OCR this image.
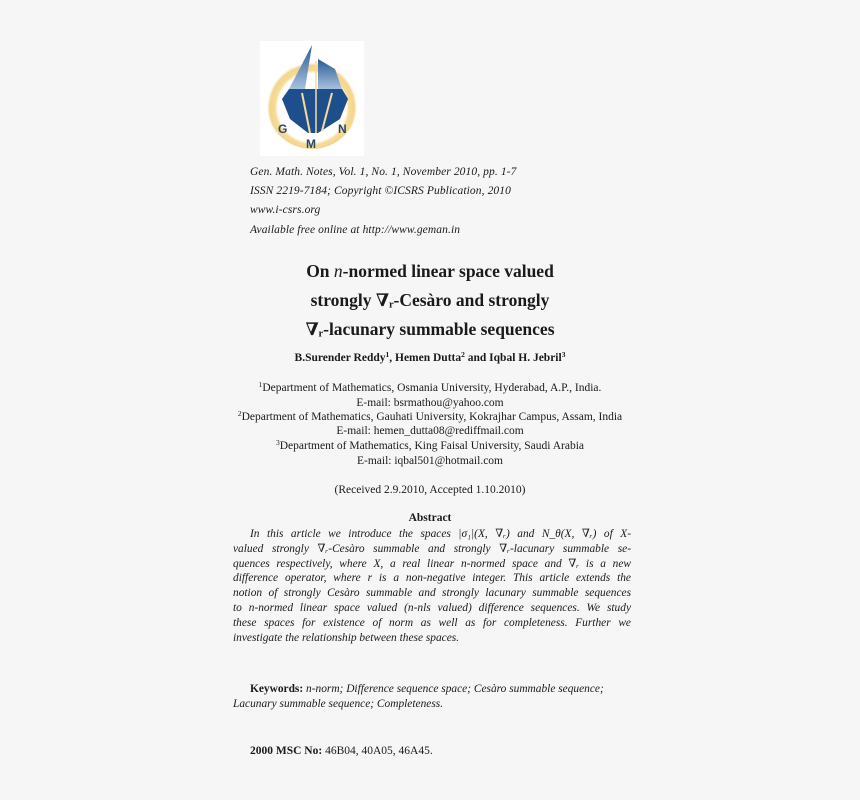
G
M
N
Gen. Math. Notes, Vol. 1, No. 1, November 2010, pp. 1-7
ISSN 2219-7184; Copyright ©ICSRS Publication, 2010
www.i-csrs.org
Available free online at http://www.geman.in
On n-normed linear space valued
strongly ∇ᵣ-Cesàro and strongly
∇ᵣ-lacunary summable sequences
B.Surender Reddy$^1$, Hemen Dutta$^2$ and Iqbal H. Jebril$^3$
$^1$Department of Mathematics, Osmania University, Hyderabad, A.P., India.
E-mail: bsrmathou@yahoo.com
$^2$Department of Mathematics, Gauhati University, Kokrajhar Campus, Assam, India
E-mail: hemen_dutta08@rediffmail.com
$^3$Department of Mathematics, King Faisal University, Saudi Arabia
E-mail: iqbal501@hotmail.com
(Received 2.9.2010, Accepted 1.10.2010)
Abstract
In this article we introduce the spaces |σ₁|(X, ∇ᵣ) and N_θ(X, ∇ᵣ) of X-
valued strongly ∇ᵣ-Cesàro summable and strongly ∇ᵣ-lacunary summable se-
quences respectively, where X, a real linear n-normed space and ∇ᵣ is a new
difference operator, where r is a non-negative integer. This article extends the
notion of strongly Cesàro summable and strongly lacunary summable sequences
to n-normed linear space valued (n-nls valued) difference sequences. We study
these spaces for existence of norm as well as for completeness. Further we
investigate the relationship between these spaces.
Keywords: n-norm; Difference sequence space; Cesàro summable sequence; Lacunary summable sequence; Completeness.
2000 MSC No: 46B04, 40A05, 46A45.
